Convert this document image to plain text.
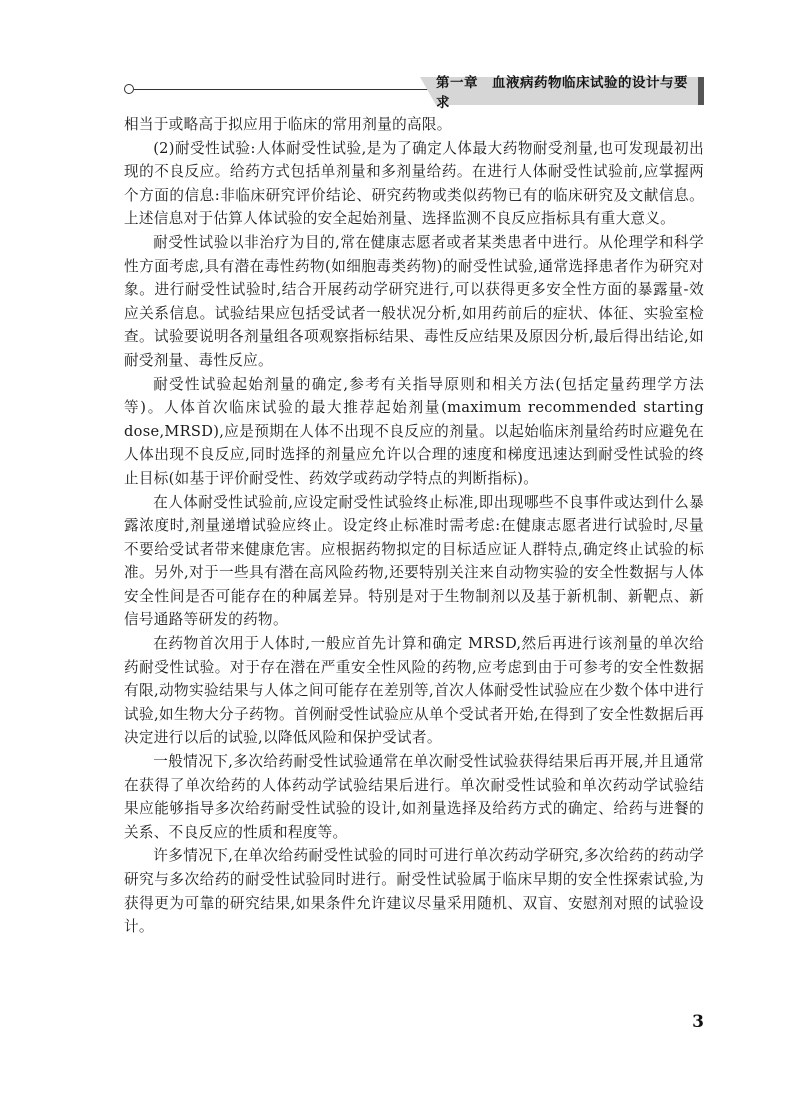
第一章　血液病药物临床试验的设计与要求

相当于或略高于拟应用于临床的常用剂量的高限。

(2)耐受性试验:人体耐受性试验,是为了确定人体最大药物耐受剂量,也可发现最初出现的不良反应。给药方式包括单剂量和多剂量给药。在进行人体耐受性试验前,应掌握两个方面的信息:非临床研究评价结论、研究药物或类似药物已有的临床研究及文献信息。上述信息对于估算人体试验的安全起始剂量、选择监测不良反应指标具有重大意义。

耐受性试验以非治疗为目的,常在健康志愿者或者某类患者中进行。从伦理学和科学性方面考虑,具有潜在毒性药物(如细胞毒类药物)的耐受性试验,通常选择患者作为研究对象。进行耐受性试验时,结合开展药动学研究进行,可以获得更多安全性方面的暴露量-效应关系信息。试验结果应包括受试者一般状况分析,如用药前后的症状、体征、实验室检查。试验要说明各剂量组各项观察指标结果、毒性反应结果及原因分析,最后得出结论,如耐受剂量、毒性反应。

耐受性试验起始剂量的确定,参考有关指导原则和相关方法(包括定量药理学方法等)。人体首次临床试验的最大推荐起始剂量(maximum recommended starting dose,MRSD),应是预期在人体不出现不良反应的剂量。以起始临床剂量给药时应避免在人体出现不良反应,同时选择的剂量应允许以合理的速度和梯度迅速达到耐受性试验的终止目标(如基于评价耐受性、药效学或药动学特点的判断指标)。

在人体耐受性试验前,应设定耐受性试验终止标准,即出现哪些不良事件或达到什么暴露浓度时,剂量递增试验应终止。设定终止标准时需考虑:在健康志愿者进行试验时,尽量不要给受试者带来健康危害。应根据药物拟定的目标适应证人群特点,确定终止试验的标准。另外,对于一些具有潜在高风险药物,还要特别关注来自动物实验的安全性数据与人体安全性间是否可能存在的种属差异。特别是对于生物制剂以及基于新机制、新靶点、新信号通路等研发的药物。

在药物首次用于人体时,一般应首先计算和确定 MRSD,然后再进行该剂量的单次给药耐受性试验。对于存在潜在严重安全性风险的药物,应考虑到由于可参考的安全性数据有限,动物实验结果与人体之间可能存在差别等,首次人体耐受性试验应在少数个体中进行试验,如生物大分子药物。首例耐受性试验应从单个受试者开始,在得到了安全性数据后再决定进行以后的试验,以降低风险和保护受试者。

一般情况下,多次给药耐受性试验通常在单次耐受性试验获得结果后再开展,并且通常在获得了单次给药的人体药动学试验结果后进行。单次耐受性试验和单次药动学试验结果应能够指导多次给药耐受性试验的设计,如剂量选择及给药方式的确定、给药与进餐的关系、不良反应的性质和程度等。

许多情况下,在单次给药耐受性试验的同时可进行单次药动学研究,多次给药的药动学研究与多次给药的耐受性试验同时进行。耐受性试验属于临床早期的安全性探索试验,为获得更为可靠的研究结果,如果条件允许建议尽量采用随机、双盲、安慰剂对照的试验设计。

3
